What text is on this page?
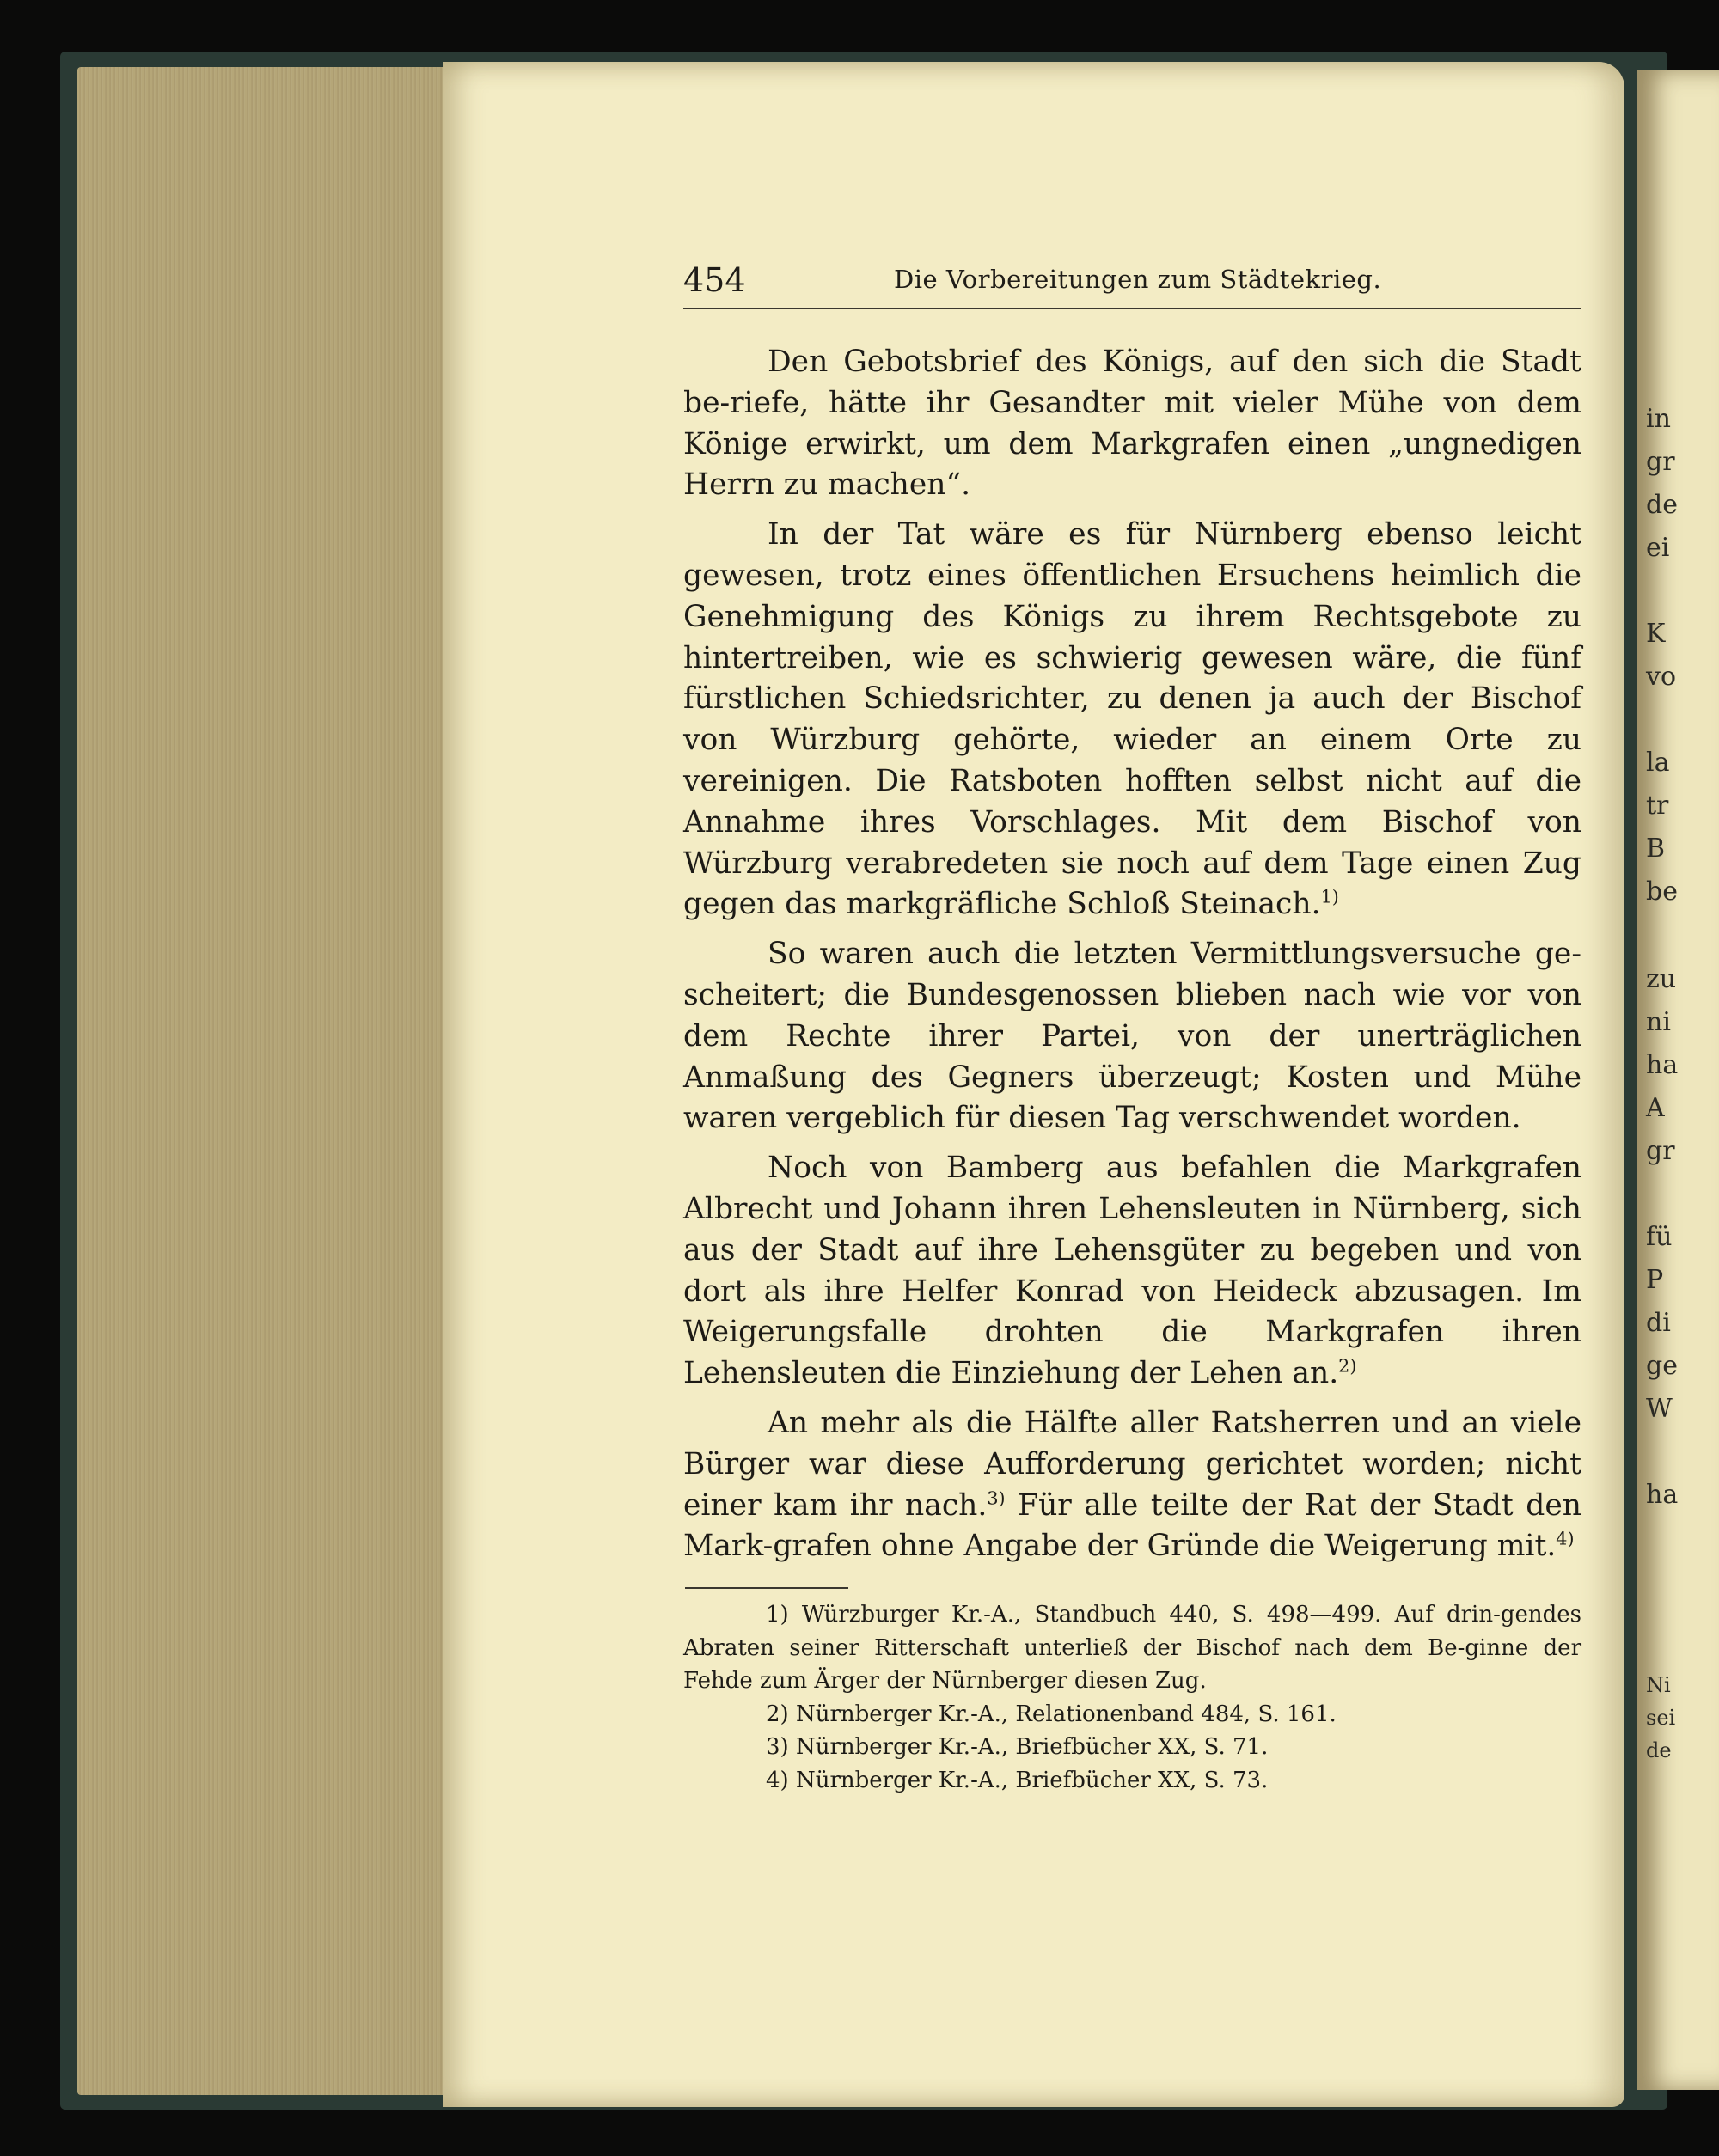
in
gr
de
ei
K
vo
la
tr
B
be
zu
ni
ha
A
gr
fü
P
di
ge
W
ha
Ni
sei
de
454	Die Vorbereitungen zum Städtekrieg.

Den Gebotsbrief des Königs, auf den sich die Stadt be-riefe, hätte ihr Gesandter mit vieler Mühe von dem Könige erwirkt, um dem Markgrafen einen „ungnedigen Herrn zu machen“.

In der Tat wäre es für Nürnberg ebenso leicht gewesen, trotz eines öffentlichen Ersuchens heimlich die Genehmigung des Königs zu ihrem Rechtsgebote zu hintertreiben, wie es schwierig gewesen wäre, die fünf fürstlichen Schiedsrichter, zu denen ja auch der Bischof von Würzburg gehörte, wieder an einem Orte zu vereinigen. Die Ratsboten hofften selbst nicht auf die Annahme ihres Vorschlages. Mit dem Bischof von Würzburg verabredeten sie noch auf dem Tage einen Zug gegen das markgräfliche Schloß Steinach.$^{1)}$

So waren auch die letzten Vermittlungsversuche ge-scheitert; die Bundesgenossen blieben nach wie vor von dem Rechte ihrer Partei, von der unerträglichen Anmaßung des Gegners überzeugt; Kosten und Mühe waren vergeblich für diesen Tag verschwendet worden.

Noch von Bamberg aus befahlen die Markgrafen Albrecht und Johann ihren Lehensleuten in Nürnberg, sich aus der Stadt auf ihre Lehensgüter zu begeben und von dort als ihre Helfer Konrad von Heideck abzusagen. Im Weigerungsfalle drohten die Markgrafen ihren Lehensleuten die Einziehung der Lehen an.$^{2)}$

An mehr als die Hälfte aller Ratsherren und an viele Bürger war diese Aufforderung gerichtet worden; nicht einer kam ihr nach.$^{3)}$ Für alle teilte der Rat der Stadt den Mark-grafen ohne Angabe der Gründe die Weigerung mit.$^{4)}$

1) Würzburger Kr.-A., Standbuch 440, S. 498—499. Auf drin-gendes Abraten seiner Ritterschaft unterließ der Bischof nach dem Be-ginne der Fehde zum Ärger der Nürnberger diesen Zug.

2) Nürnberger Kr.-A., Relationenband 484, S. 161.

3) Nürnberger Kr.-A., Briefbücher XX, S. 71.

4) Nürnberger Kr.-A., Briefbücher XX, S. 73.
